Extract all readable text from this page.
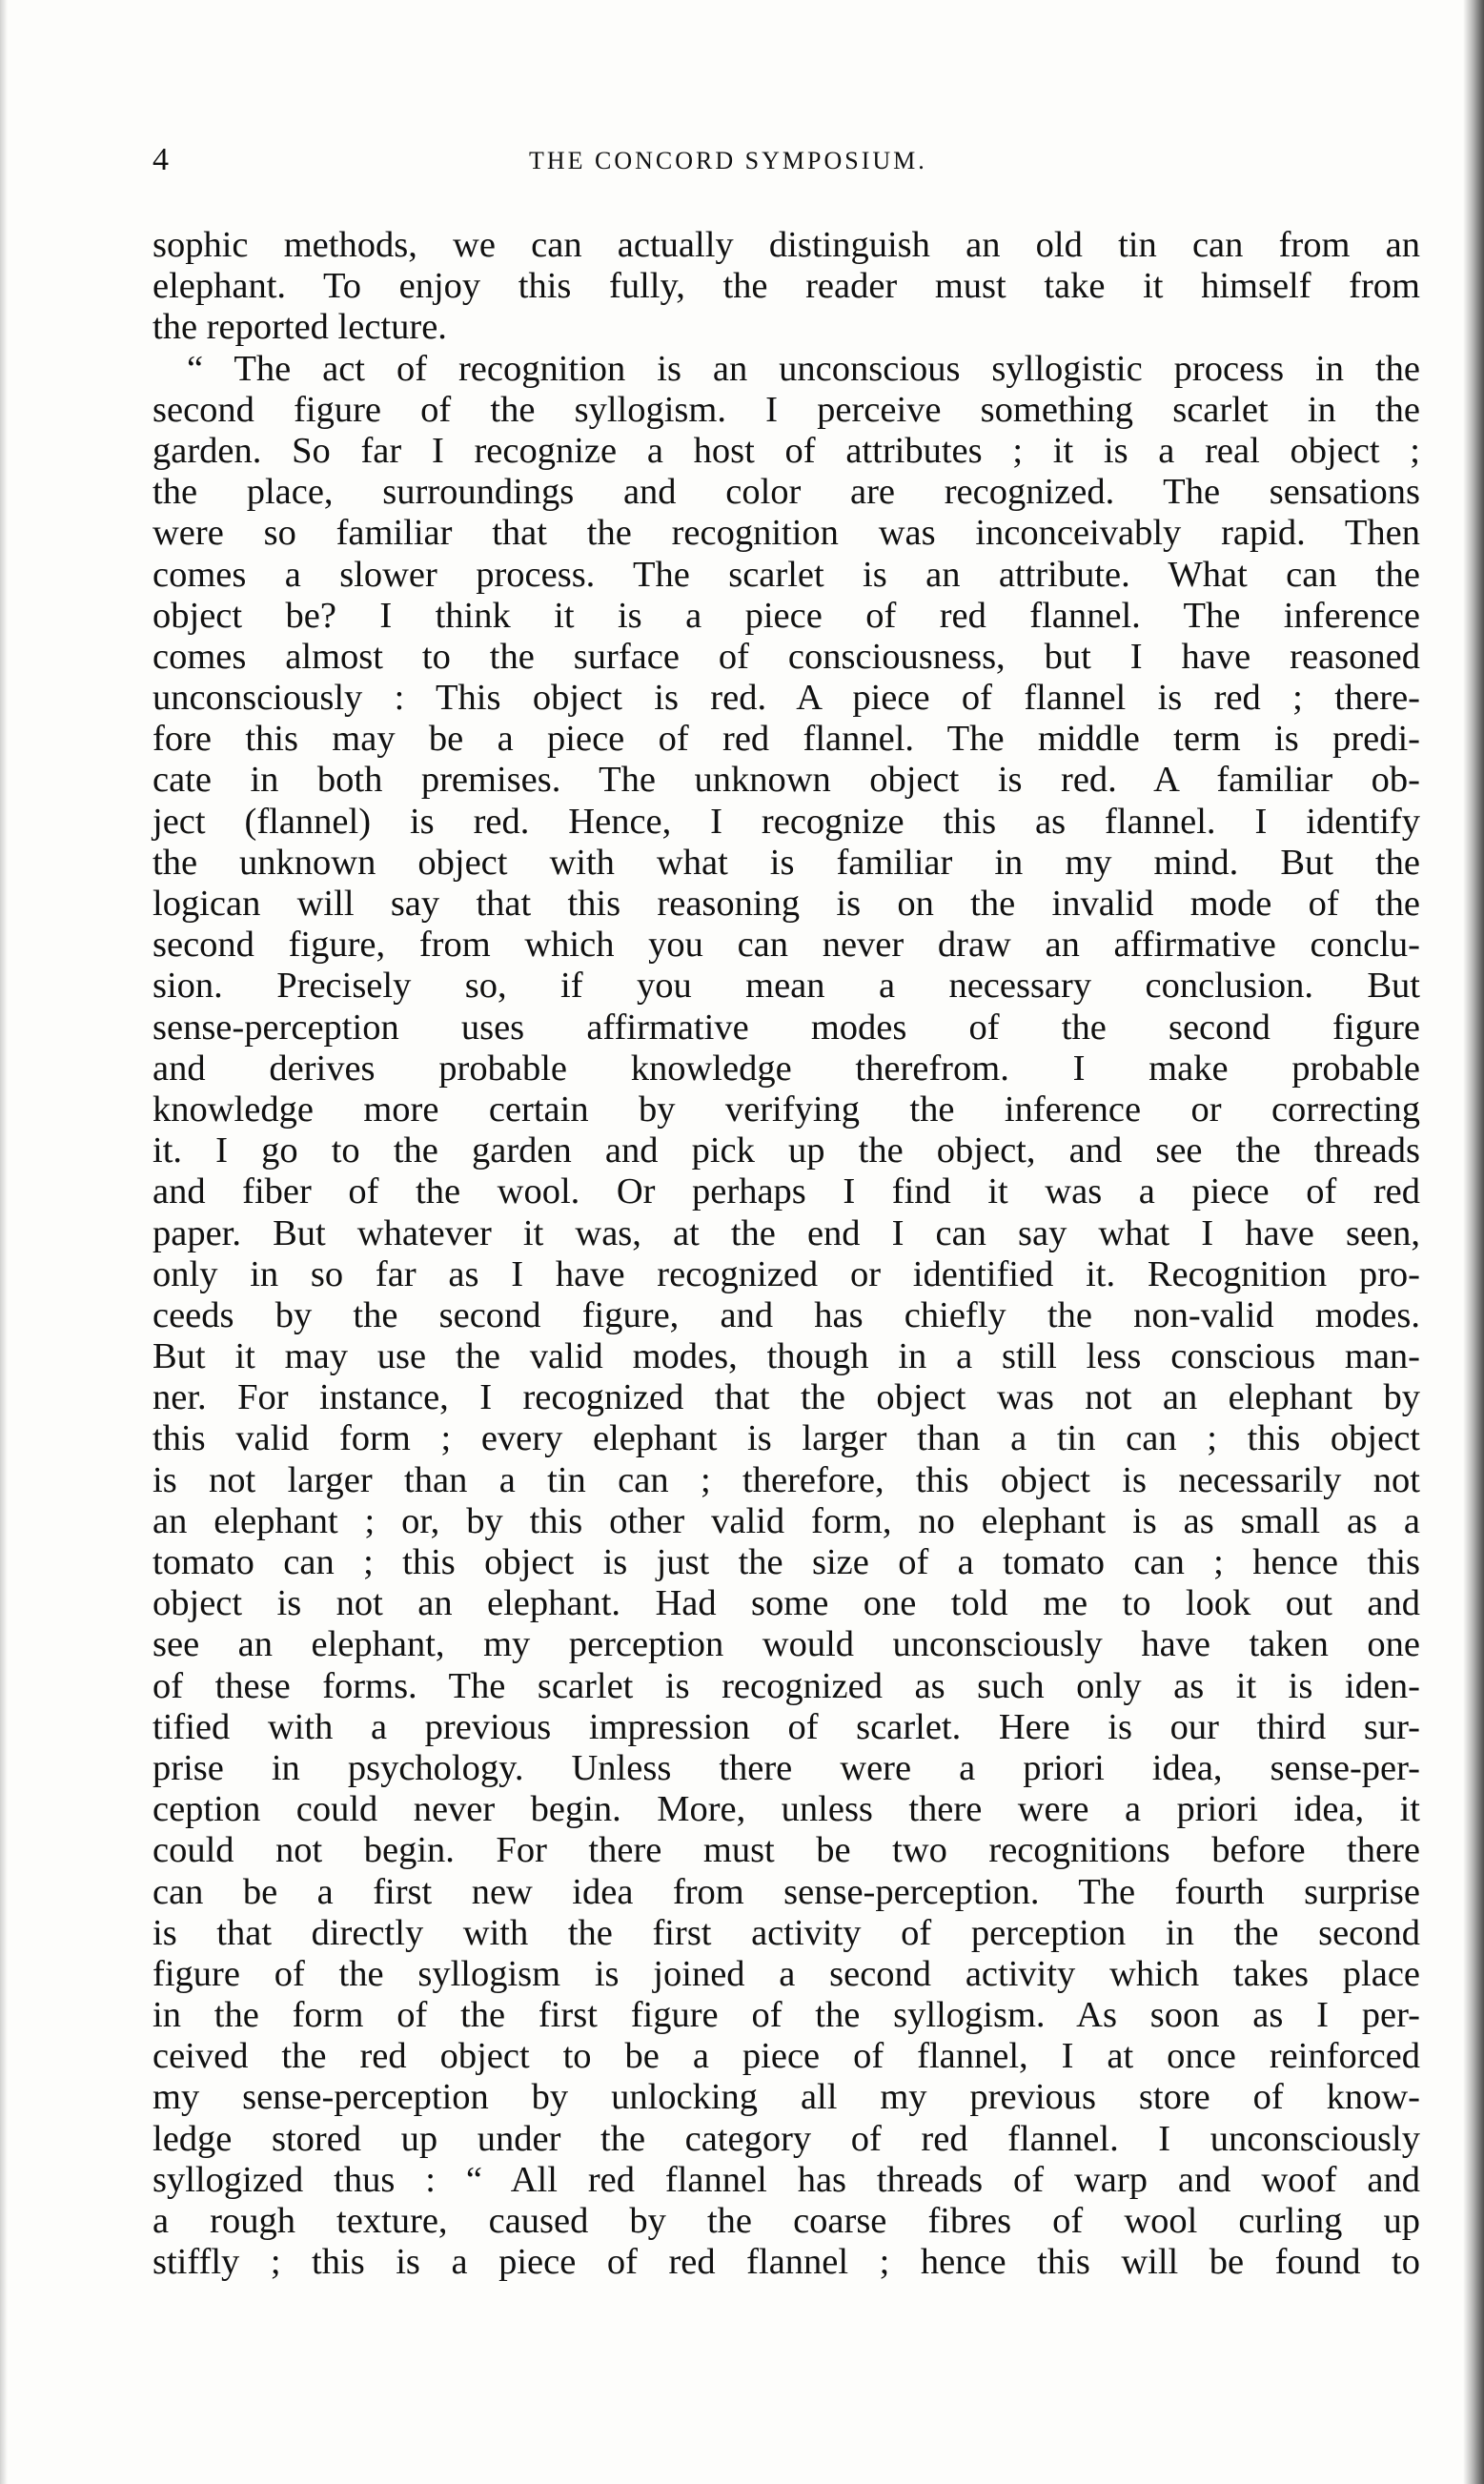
4	THE CONCORD SYMPOSIUM.
sophic methods, we can actually distinguish an old tin can from an
elephant. To enjoy this fully, the reader must take it himself from
the reported lecture.
“ The act of recognition is an unconscious syllogistic process in the
second figure of the syllogism. I perceive something scarlet in the
garden. So far I recognize a host of attributes ; it is a real object ;
the place, surroundings and color are recognized. The sensations
were so familiar that the recognition was inconceivably rapid. Then
comes a slower process. The scarlet is an attribute. What can the
object be? I think it is a piece of red flannel. The inference
comes almost to the surface of consciousness, but I have reasoned
unconsciously : This object is red. A piece of flannel is red ; there-
fore this may be a piece of red flannel. The middle term is predi-
cate in both premises. The unknown object is red. A familiar ob-
ject (flannel) is red. Hence, I recognize this as flannel. I identify
the unknown object with what is familiar in my mind. But the
logican will say that this reasoning is on the invalid mode of the
second figure, from which you can never draw an affirmative conclu-
sion. Precisely so, if you mean a necessary conclusion. But
sense-perception uses affirmative modes of the second figure
and derives probable knowledge therefrom. I make probable
knowledge more certain by verifying the inference or correcting
it. I go to the garden and pick up the object, and see the threads
and fiber of the wool. Or perhaps I find it was a piece of red
paper. But whatever it was, at the end I can say what I have seen,
only in so far as I have recognized or identified it. Recognition pro-
ceeds by the second figure, and has chiefly the non-valid modes.
But it may use the valid modes, though in a still less conscious man-
ner. For instance, I recognized that the object was not an elephant by
this valid form ; every elephant is larger than a tin can ; this object
is not larger than a tin can ; therefore, this object is necessarily not
an elephant ; or, by this other valid form, no elephant is as small as a
tomato can ; this object is just the size of a tomato can ; hence this
object is not an elephant. Had some one told me to look out and
see an elephant, my perception would unconsciously have taken one
of these forms. The scarlet is recognized as such only as it is iden-
tified with a previous impression of scarlet. Here is our third sur-
prise in psychology. Unless there were a priori idea, sense-per-
ception could never begin. More, unless there were a priori idea, it
could not begin. For there must be two recognitions before there
can be a first new idea from sense-perception. The fourth surprise
is that directly with the first activity of perception in the second
figure of the syllogism is joined a second activity which takes place
in the form of the first figure of the syllogism. As soon as I per-
ceived the red object to be a piece of flannel, I at once reinforced
my sense-perception by unlocking all my previous store of know-
ledge stored up under the category of red flannel. I unconsciously
syllogized thus : “ All red flannel has threads of warp and woof and
a rough texture, caused by the coarse fibres of wool curling up
stiffly ; this is a piece of red flannel ; hence this will be found to
